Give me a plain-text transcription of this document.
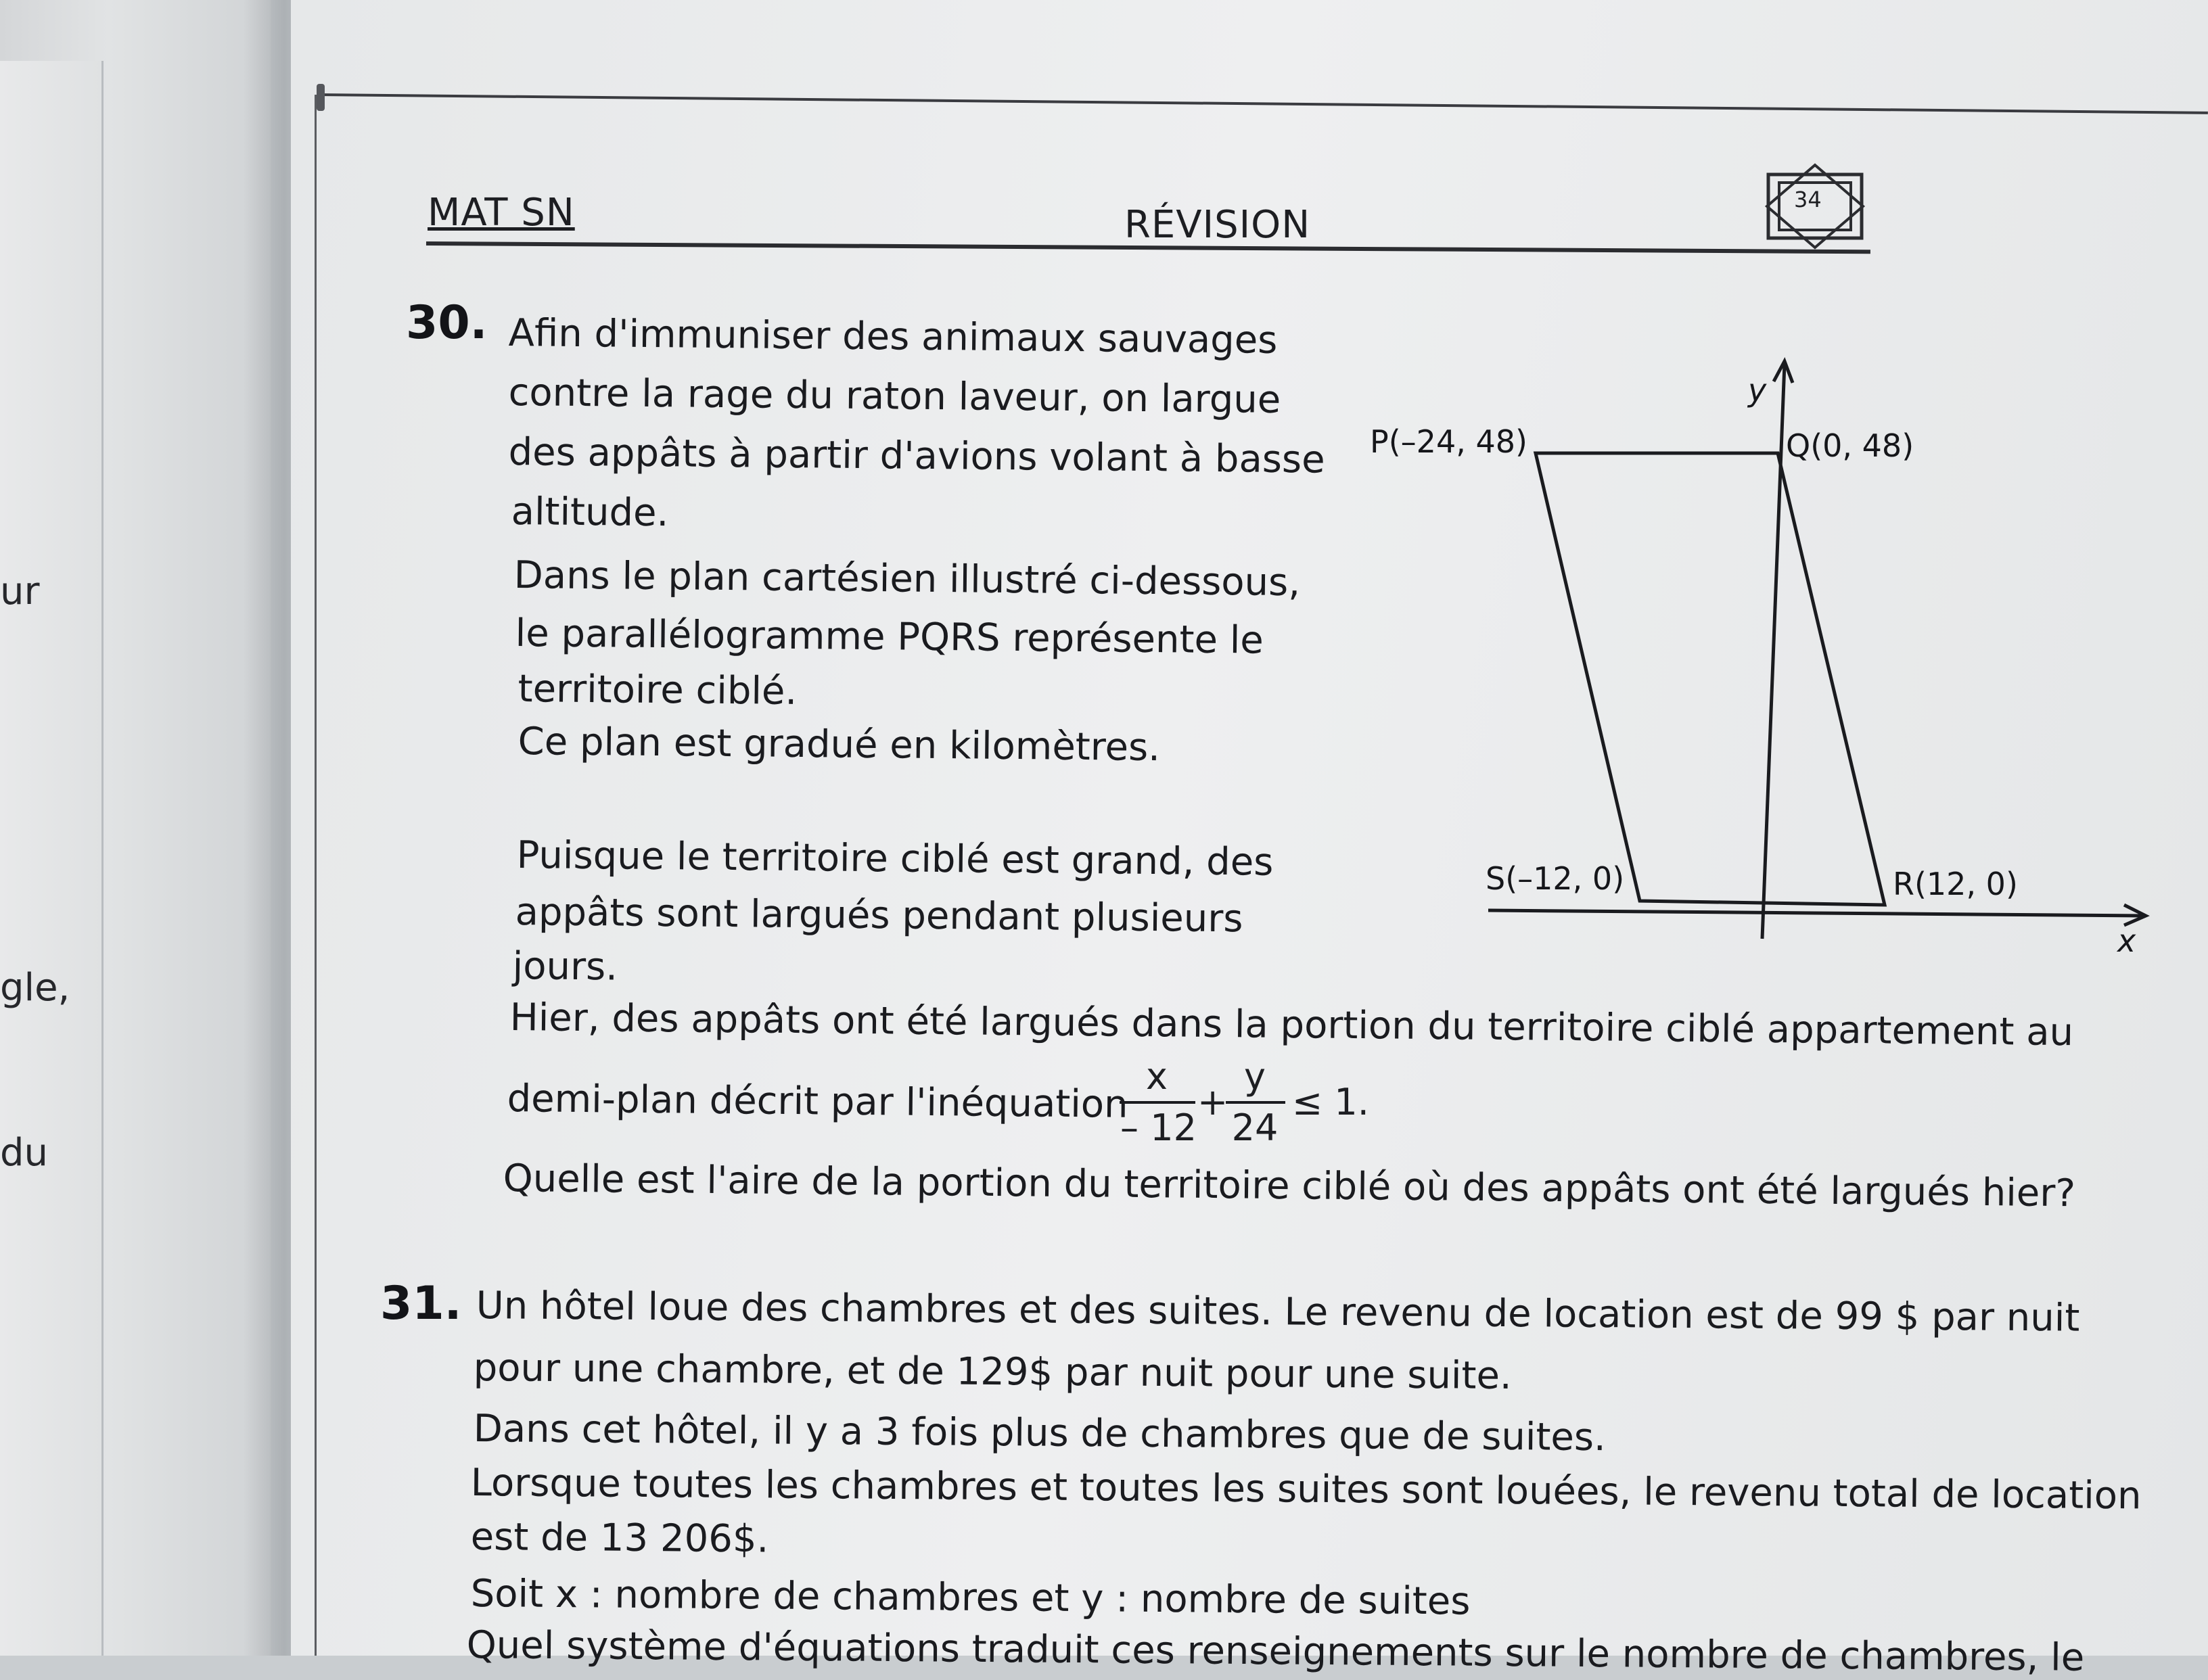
ur
gle,
du
MAT SN	RÉVISION
34
30. Afin d'immuniser des animaux sauvages
contre la rage du raton laveur, on largue
des appâts à partir d'avions volant à basse
altitude.
Dans le plan cartésien illustré ci-dessous,
le parallélogramme PQRS représente le
territoire ciblé.
Ce plan est gradué en kilomètres.
Puisque le territoire ciblé est grand, des
appâts sont largués pendant plusieurs
jours.
Hier, des appâts ont été largués dans la portion du territoire ciblé appartement au
demi-plan décrit par l'inéquation
Quelle est l'aire de la portion du territoire ciblé où des appâts ont été largués hier?
x
– 12
+
y
24
≤ 1.
P(–24, 48)	Q(0, 48)
R(12, 0)
S(–12, 0)
y
x
31. Un hôtel loue des chambres et des suites. Le revenu de location est de 99 $ par nuit
pour une chambre, et de 129$ par nuit pour une suite.
Dans cet hôtel, il y a 3 fois plus de chambres que de suites.
Lorsque toutes les chambres et toutes les suites sont louées, le revenu total de location
est de 13 206$.
Soit x : nombre de chambres et y : nombre de suites
Quel système d'équations traduit ces renseignements sur le nombre de chambres, le
